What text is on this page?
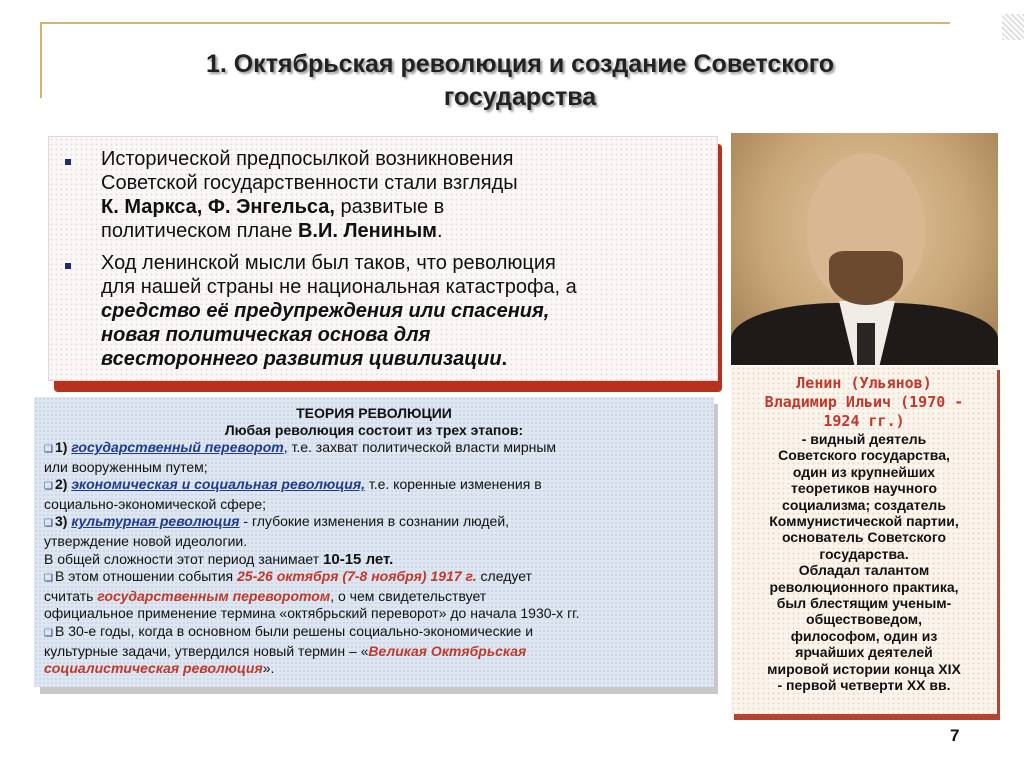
1. Октябрьская революция и создание Советского
государства
Исторической предпосылкой возникновения
Советской государственности стали взгляды
К. Маркса, Ф. Энгельса, развитые в
политическом плане В.И. Лениным.
Ход ленинской мысли был таков, что революция
для нашей страны не национальная катастрофа, а
средство её предупреждения или спасения,
новая политическая основа для
всестороннего развития цивилизации.
ТЕОРИЯ РЕВОЛЮЦИИ
Любая революция состоит из трех этапов:
❑ 1) государственный переворот, т.е. захват политической власти мирным
или вооруженным путем;
❑ 2) экономическая и социальная революция, т.е. коренные изменения в
социально-экономической сфере;
❑ 3) культурная революция - глубокие изменения в сознании людей,
утверждение новой идеологии.
В общей сложности этот период занимает 10-15 лет.
❑ В этом отношении события 25-26 октября (7-8 ноября) 1917 г. следует
считать государственным переворотом, о чем свидетельствует
официальное применение термина «октябрьский переворот» до начала 1930-х гг.
❑ В 30-е годы, когда в основном были решены социально-экономические и
культурные задачи, утвердился новый термин – «Великая Октябрьская
социалистическая революция».
Ленин (Ульянов)
Владимир Ильич (1970 -
1924 гг.)
- видный деятель
Советского государства,
один из крупнейших
теоретиков научного
социализма; создатель
Коммунистической партии,
основатель Советского
государства.
Обладал талантом
революционного практика,
был блестящим ученым-
обществоведом,
философом, один из
ярчайших деятелей
мировой истории конца XIX
- первой четверти XX вв.
7
